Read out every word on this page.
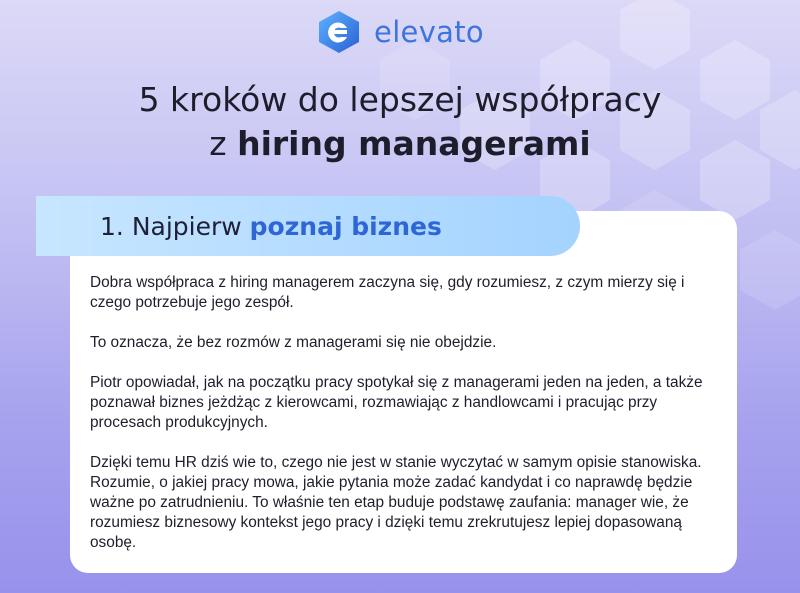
elevato
5 kroków do lepszej współpracy
z hiring managerami
1. Najpierw poznaj biznes

Dobra współpraca z hiring managerem zaczyna się, gdy rozumiesz, z czym mierzy się i czego potrzebuje jego zespół.

To oznacza, że bez rozmów z managerami się nie obejdzie.

Piotr opowiadał, jak na początku pracy spotykał się z managerami jeden na jeden, a także poznawał biznes jeżdżąc z kierowcami, rozmawiając z handlowcami i pracując przy procesach produkcyjnych.

Dzięki temu HR dziś wie to, czego nie jest w stanie wyczytać w samym opisie stanowiska. Rozumie, o jakiej pracy mowa, jakie pytania może zadać kandydat i co naprawdę będzie ważne po zatrudnieniu. To właśnie ten etap buduje podstawę zaufania: manager wie, że rozumiesz biznesowy kontekst jego pracy i dzięki temu zrekrutujesz lepiej dopasowaną osobę.
